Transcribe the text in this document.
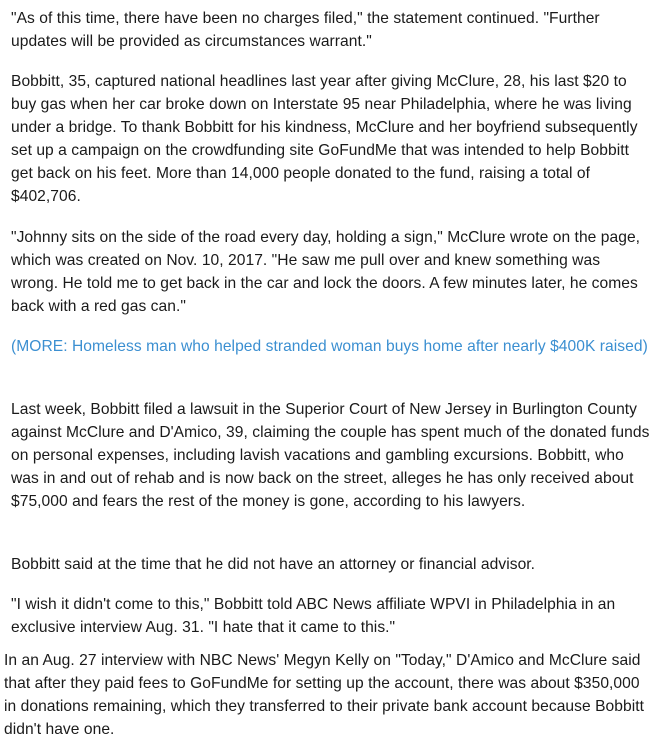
"As of this time, there have been no charges filed," the statement continued. "Further updates will be provided as circumstances warrant."

Bobbitt, 35, captured national headlines last year after giving McClure, 28, his last $20 to buy gas when her car broke down on Interstate 95 near Philadelphia, where he was living under a bridge. To thank Bobbitt for his kindness, McClure and her boyfriend subsequently set up a campaign on the crowdfunding site GoFundMe that was intended to help Bobbitt get back on his feet. More than 14,000 people donated to the fund, raising a total of $402,706.

"Johnny sits on the side of the road every day, holding a sign," McClure wrote on the page, which was created on Nov. 10, 2017. "He saw me pull over and knew something was wrong. He told me to get back in the car and lock the doors. A few minutes later, he comes back with a red gas can."

(MORE: Homeless man who helped stranded woman buys home after nearly $400K raised)

Last week, Bobbitt filed a lawsuit in the Superior Court of New Jersey in Burlington County against McClure and D'Amico, 39, claiming the couple has spent much of the donated funds on personal expenses, including lavish vacations and gambling excursions. Bobbitt, who was in and out of rehab and is now back on the street, alleges he has only received about $75,000 and fears the rest of the money is gone, according to his lawyers.

Bobbitt said at the time that he did not have an attorney or financial advisor.

"I wish it didn't come to this," Bobbitt told ABC News affiliate WPVI in Philadelphia in an exclusive interview Aug. 31. "I hate that it came to this."

In an Aug. 27 interview with NBC News' Megyn Kelly on "Today," D'Amico and McClure said that after they paid fees to GoFundMe for setting up the account, there was about $350,000 in donations remaining, which they transferred to their private bank account because Bobbitt didn't have one.
